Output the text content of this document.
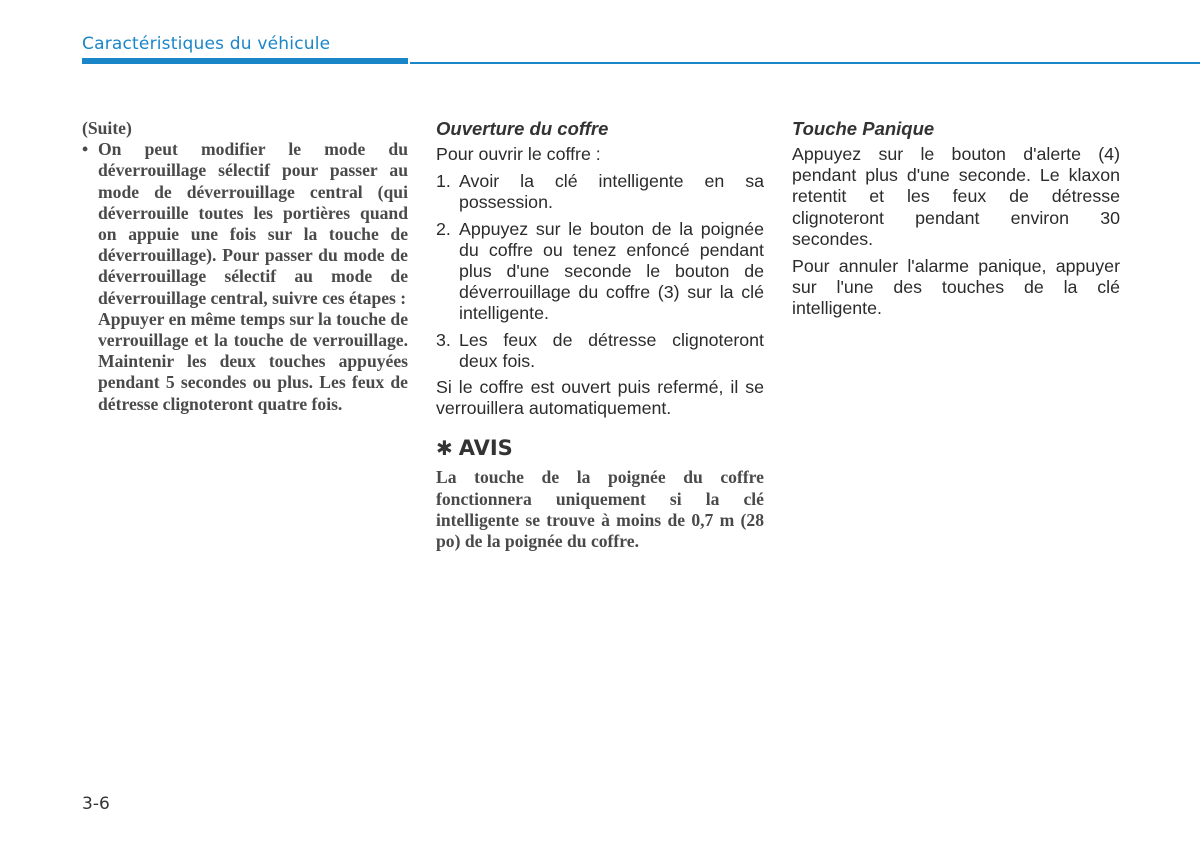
Caractéristiques du véhicule

(Suite)

• On peut modifier le mode du déverrouillage sélectif pour passer au mode de déverrouillage central (qui déverrouille toutes les portières quand on appuie une fois sur la touche de déverrouillage). Pour passer du mode de déverrouillage sélectif au mode de déverrouillage central, suivre ces étapes :

Appuyer en même temps sur la touche de verrouillage et la touche de verrouillage. Maintenir les deux touches appuyées pendant 5 secondes ou plus. Les feux de détresse clignoteront quatre fois.

Ouverture du coffre

Pour ouvrir le coffre :

1. Avoir la clé intelligente en sa possession.
2. Appuyez sur le bouton de la poignée du coffre ou tenez enfoncé pendant plus d'une seconde le bouton de déverrouillage du coffre (3) sur la clé intelligente.
3. Les feux de détresse clignoteront deux fois.

Si le coffre est ouvert puis refermé, il se verrouillera automatiquement.

✱ AVIS
La touche de la poignée du coffre fonctionnera uniquement si la clé intelligente se trouve à moins de 0,7 m (28 po) de la poignée du coffre.
Touche Panique

Appuyez sur le bouton d'alerte (4) pendant plus d'une seconde. Le klaxon retentit et les feux de détresse clignoteront pendant environ 30 secondes.

Pour annuler l'alarme panique, appuyer sur l'une des touches de la clé intelligente.

3-6
